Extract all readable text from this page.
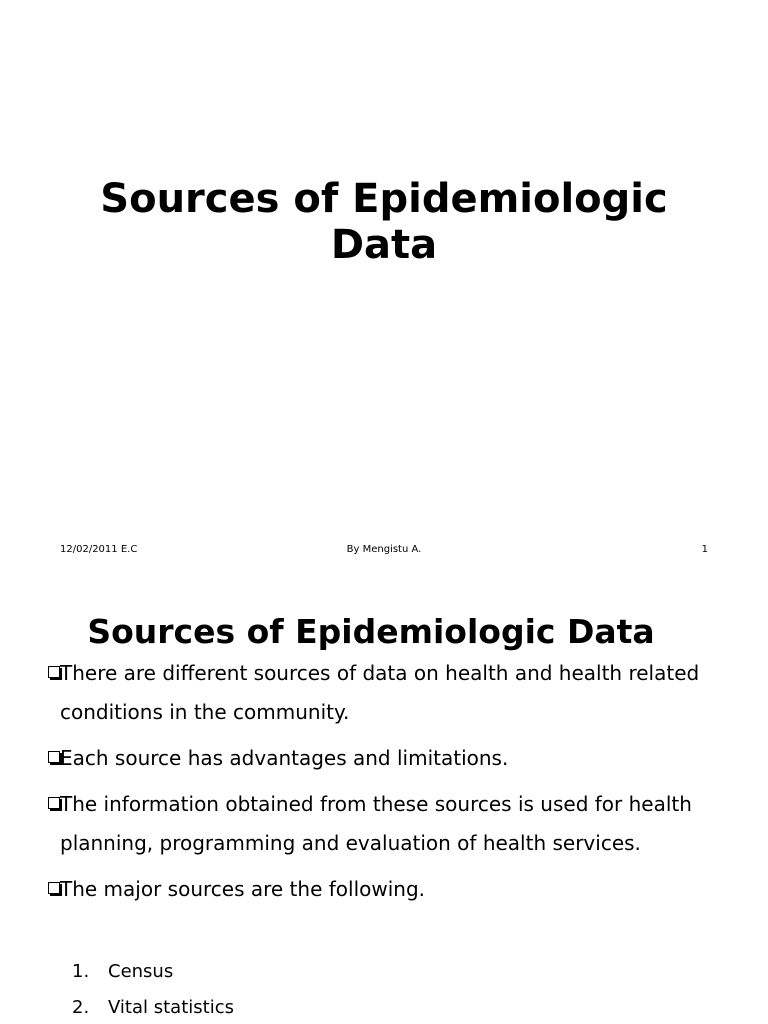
Sources of Epidemiologic
Data
12/02/2011 E.C	By Mengistu A.	1
Sources of Epidemiologic Data
There are different sources of data on health and health related conditions in the community.
Each source has advantages and limitations.
The information obtained from these sources is used for health planning, programming and evaluation of health services.
The major sources are the following.
1. Census
2. Vital statistics
